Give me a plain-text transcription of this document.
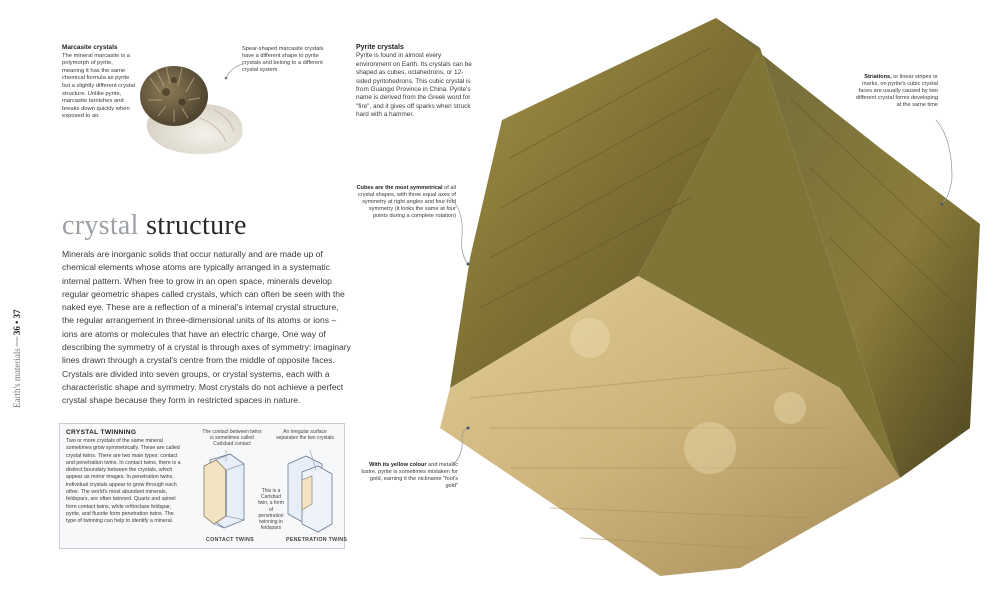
Earth's materials
36 • 37
Marcasite crystals
The mineral marcasite is a polymorph of pyrite, meaning it has the same chemical formula as pyrite but a slightly different crystal structure. Unlike pyrite, marcasite tarnishes and breaks down quickly when exposed to air.
Spear-shaped marcasite crystals have a different shape to pyrite crystals and belong to a different crystal system
Pyrite crystals
Pyrite is found in almost every environment on Earth. Its crystals can be shaped as cubes, octahedrons, or 12-sided pyritohedrons. This cubic crystal is from Guangxi Province in China. Pyrite's name is derived from the Greek word for "fire", and it gives off sparks when struck hard with a hammer.
crystal structure
Minerals are inorganic solids that occur naturally and are made up of chemical elements whose atoms are typically arranged in a systematic internal pattern. When free to grow in an open space, minerals develop regular geometric shapes called crystals, which can often be seen with the naked eye. These are a reflection of a mineral's internal crystal structure, the regular arrangement in three-dimensional units of its atoms or ions – ions are atoms or molecules that have an electric charge. One way of describing the symmetry of a crystal is through axes of symmetry: imaginary lines drawn through a crystal's centre from the middle of opposite faces. Crystals are divided into seven groups, or crystal systems, each with a characteristic shape and symmetry. Most crystals do not achieve a perfect crystal shape because they form in restricted spaces in nature.
CRYSTAL TWINNING
Two or more crystals of the same mineral sometimes grow symmetrically. These are called crystal twins. There are two main types: contact and penetration twins. In contact twins, there is a distinct boundary between the crystals, which appear as mirror images. In penetration twins, individual crystals appear to grow through each other. The world's most abundant minerals, feldspars, are often twinned. Quartz and spinel form contact twins, while orthoclase feldspar, pyrite, and fluorite form penetration twins. The type of twinning can help to identify a mineral.
The contact between twins is sometimes called Carlsbad contact
An irregular surface separates the two crystals
This is a Carlsbad twin, a form of penetration twinning in feldspars
CONTACT TWINS	PENETRATION TWINS
Striations, or linear stripes or marks, on pyrite's cubic crystal faces are usually caused by two different crystal forms developing at the same time
Cubes are the most symmetrical of all crystal shapes, with three equal axes of symmetry at right angles and four-fold symmetry (it looks the same at four points during a complete rotation)
With its yellow colour and metallic lustre, pyrite is sometimes mistaken for gold, earning it the nickname "fool's gold"
